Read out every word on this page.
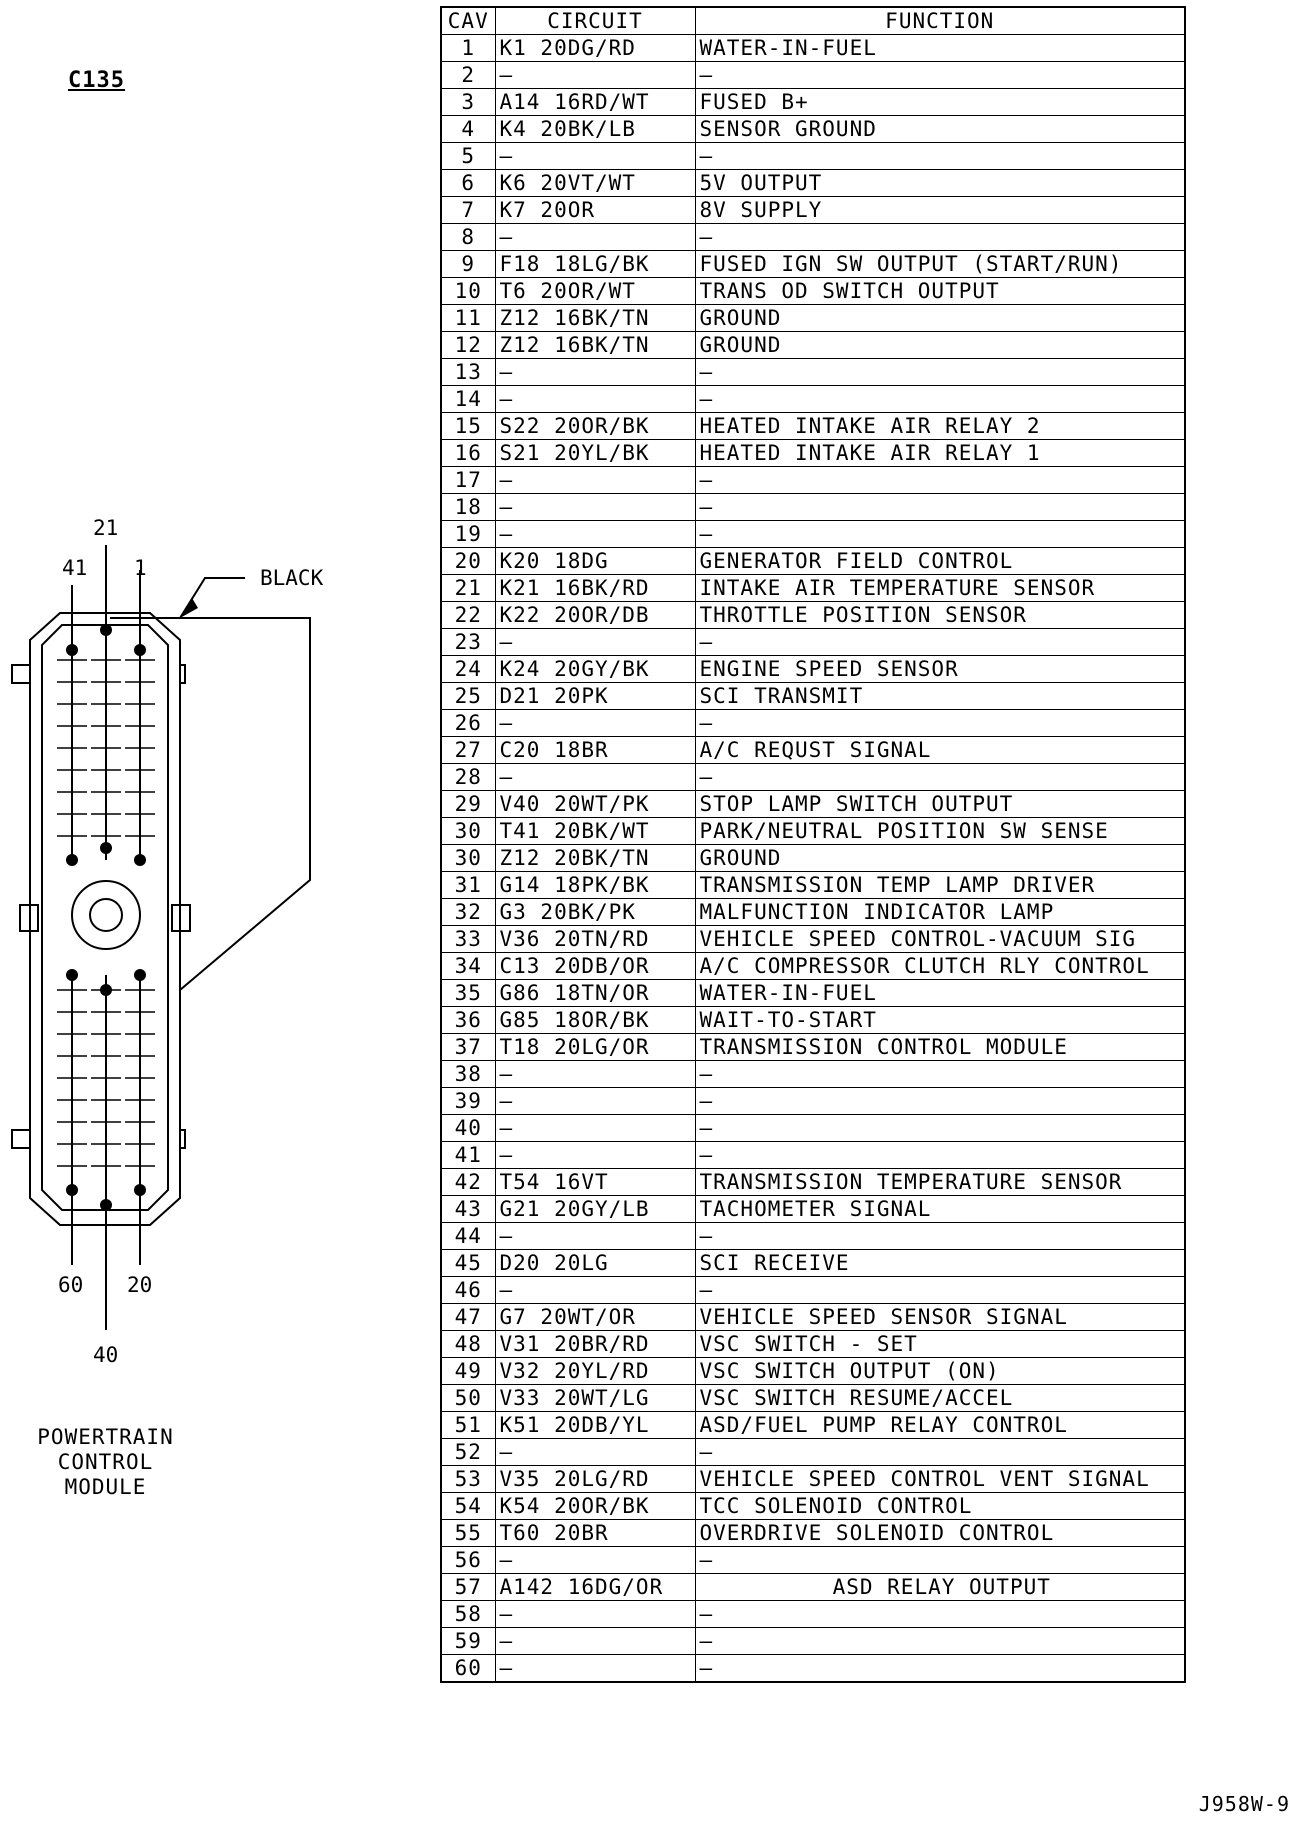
C135
41
21
1
60 20
40
BLACK
POWERTRAIN
CONTROL
MODULE
CAV	CIRCUIT	FUNCTION
1	K1 20DG/RD	WATER-IN-FUEL
2	—	—
3	A14 16RD/WT	FUSED B+
4	K4 20BK/LB	SENSOR GROUND
5	—	—
6	K6 20VT/WT	5V OUTPUT
7	K7 20OR	8V SUPPLY
8	—	—
9	F18 18LG/BK	FUSED IGN SW OUTPUT (START/RUN)
10	T6 20OR/WT	TRANS OD SWITCH OUTPUT
11	Z12 16BK/TN	GROUND
12	Z12 16BK/TN	GROUND
13	—	—
14	—	—
15	S22 20OR/BK	HEATED INTAKE AIR RELAY 2
16	S21 20YL/BK	HEATED INTAKE AIR RELAY 1
17	—	—
18	—	—
19	—	—
20	K20 18DG	GENERATOR FIELD CONTROL
21	K21 16BK/RD	INTAKE AIR TEMPERATURE SENSOR
22	K22 20OR/DB	THROTTLE POSITION SENSOR
23	—	—
24	K24 20GY/BK	ENGINE SPEED SENSOR
25	D21 20PK	SCI TRANSMIT
26	—	—
27	C20 18BR	A/C REQUST SIGNAL
28	—	—
29	V40 20WT/PK	STOP LAMP SWITCH OUTPUT
30	T41 20BK/WT	PARK/NEUTRAL POSITION SW SENSE
30	Z12 20BK/TN	GROUND
31	G14 18PK/BK	TRANSMISSION TEMP LAMP DRIVER
32	G3 20BK/PK	MALFUNCTION INDICATOR LAMP
33	V36 20TN/RD	VEHICLE SPEED CONTROL-VACUUM SIG
34	C13 20DB/OR	A/C COMPRESSOR CLUTCH RLY CONTROL
35	G86 18TN/OR	WATER-IN-FUEL
36	G85 18OR/BK	WAIT-TO-START
37	T18 20LG/OR	TRANSMISSION CONTROL MODULE
38	—	—
39	—	—
40	—	—
41	—	—
42	T54 16VT	TRANSMISSION TEMPERATURE SENSOR
43	G21 20GY/LB	TACHOMETER SIGNAL
44	—	—
45	D20 20LG	SCI RECEIVE
46	—	—
47	G7 20WT/OR	VEHICLE SPEED SENSOR SIGNAL
48	V31 20BR/RD	VSC SWITCH - SET
49	V32 20YL/RD	VSC SWITCH OUTPUT (ON)
50	V33 20WT/LG	VSC SWITCH RESUME/ACCEL
51	K51 20DB/YL	ASD/FUEL PUMP RELAY CONTROL
52	—	—
53	V35 20LG/RD	VEHICLE SPEED CONTROL VENT SIGNAL
54	K54 20OR/BK	TCC SOLENOID CONTROL
55	T60 20BR	OVERDRIVE SOLENOID CONTROL
56	—	—
57	A142 16DG/OR	ASD RELAY OUTPUT
58	—	—
59	—	—
60	—	—
J958W-9
